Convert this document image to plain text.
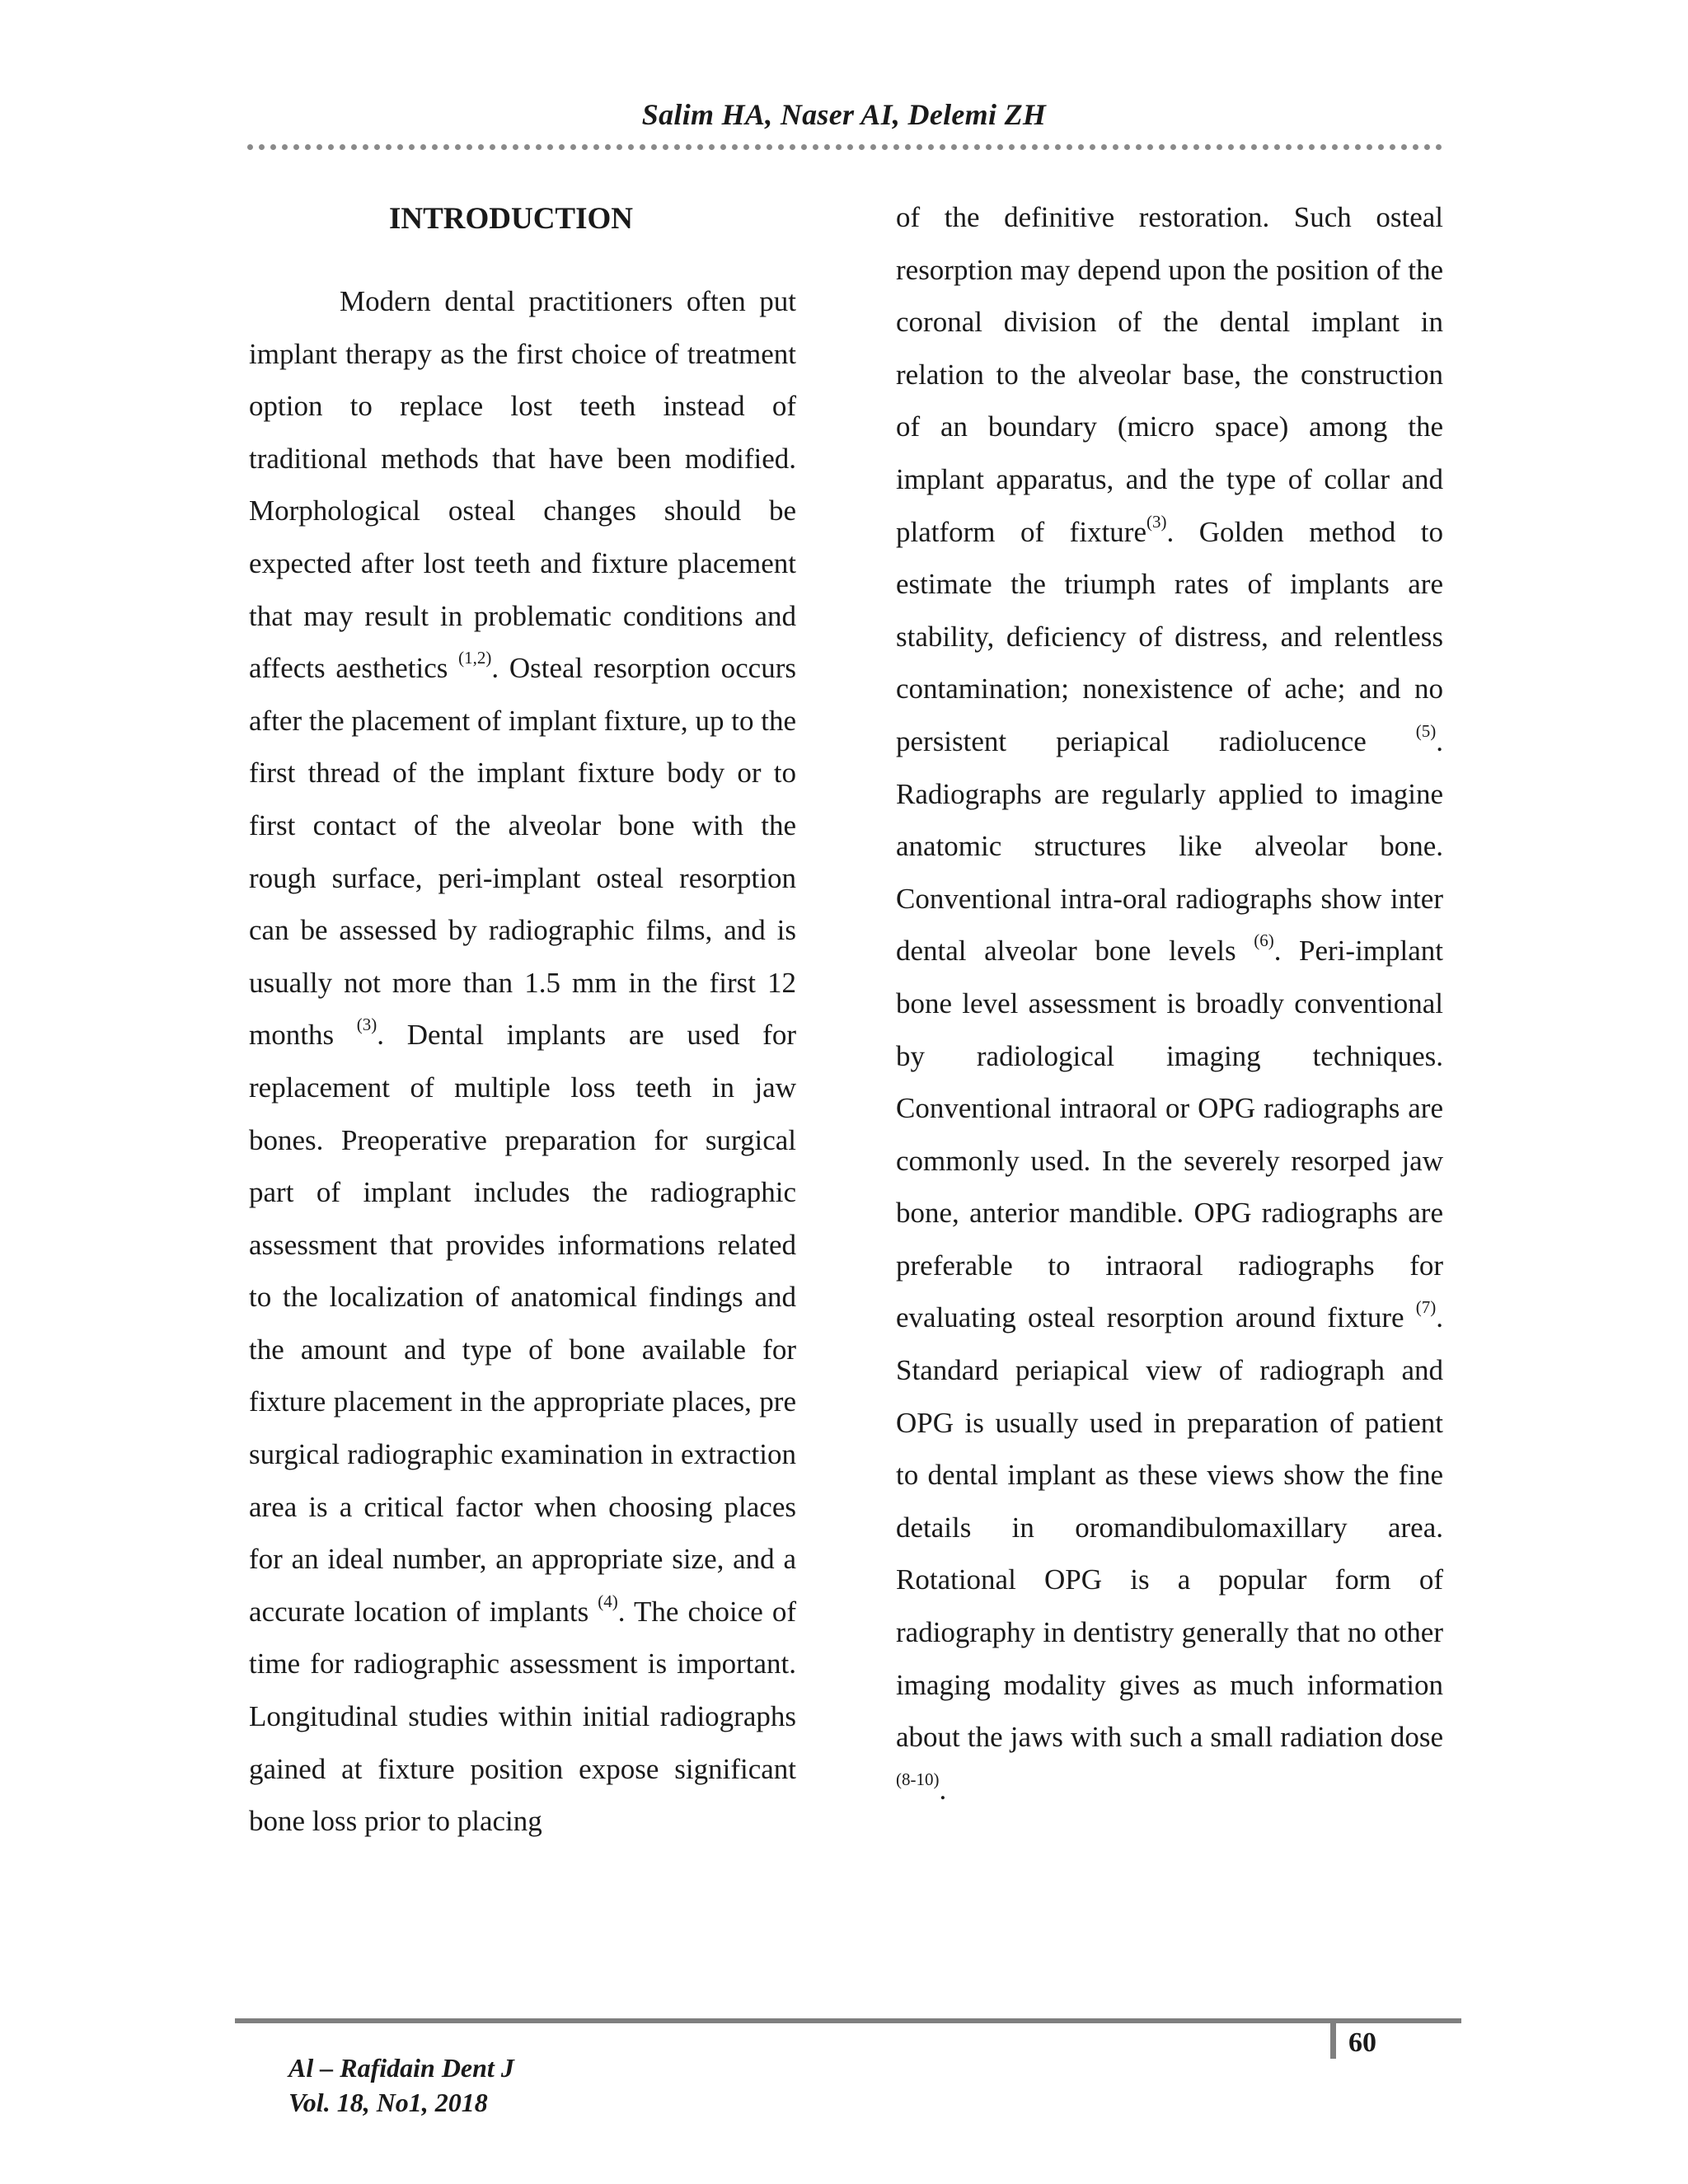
Salim HA, Naser AI, Delemi ZH
INTRODUCTION

Modern dental practitioners often put implant therapy as the first choice of treatment option to replace lost teeth instead of traditional methods that have been modified. Morphological osteal changes should be expected after lost teeth and fixture placement that may result in problematic conditions and affects aesthetics $^{(1,2)}$. Osteal resorption occurs after the placement of implant fixture, up to the first thread of the implant fixture body or to first contact of the alveolar bone with the rough surface, peri-implant osteal resorption can be assessed by radiographic films, and is usually not more than 1.5 mm in the first 12 months $^{(3)}$. Dental implants are used for replacement of multiple loss teeth in jaw bones. Preoperative preparation for surgical part of implant includes the radiographic assessment that provides informations related to the localization of anatomical findings and the amount and type of bone available for fixture placement in the appropriate places, pre surgical radiographic examination in extraction area is a critical factor when choosing places for an ideal number, an appropriate size, and a accurate location of implants $^{(4)}$. The choice of time for radiographic assessment is important. Longitudinal studies within initial radiographs gained at fixture position expose significant bone loss prior to placing

of the definitive restoration. Such osteal resorption may depend upon the position of the coronal division of the dental implant in relation to the alveolar base, the construction of an boundary (micro space) among the implant apparatus, and the type of collar and platform of fixture$^{(3)}$. Golden method to estimate the triumph rates of implants are stability, deficiency of distress, and relentless contamination; nonexistence of ache; and no persistent periapical radiolucence $^{(5)}$. Radiographs are regularly applied to imagine anatomic structures like alveolar bone. Conventional intra-oral radiographs show inter dental alveolar bone levels $^{(6)}$. Peri-implant bone level assessment is broadly conventional by radiological imaging techniques. Conventional intraoral or OPG radiographs are commonly used. In the severely resorped jaw bone, anterior mandible. OPG radiographs are preferable to intraoral radiographs for evaluating osteal resorption around fixture $^{(7)}$. Standard periapical view of radiograph and OPG is usually used in preparation of patient to dental implant as these views show the fine details in oromandibulomaxillary area. Rotational OPG is a popular form of radiography in dentistry generally that no other imaging modality gives as much information about the jaws with such a small radiation dose $^{(8-10)}$.

60
Al – Rafidain Dent J
Vol. 18, No1, 2018
